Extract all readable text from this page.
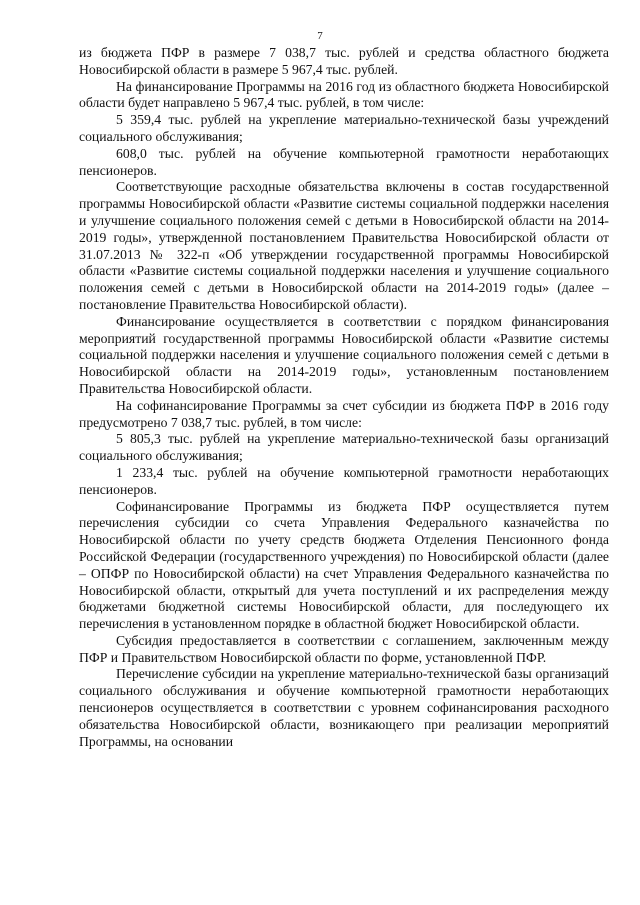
7

из бюджета ПФР в размере 7 038,7 тыс. рублей и средства областного бюджета Новосибирской области в размере 5 967,4 тыс. рублей.

На финансирование Программы на 2016 год из областного бюджета Новосибирской области будет направлено 5 967,4 тыс. рублей, в том числе:

5 359,4 тыс. рублей на укрепление материально-технической базы учреждений социального обслуживания;

608,0 тыс. рублей на обучение компьютерной грамотности неработающих пенсионеров.

Соответствующие расходные обязательства включены в состав государственной программы Новосибирской области «Развитие системы социальной поддержки населения и улучшение социального положения семей с детьми в Новосибирской области на 2014-2019 годы», утвержденной постановлением Правительства Новосибирской области от 31.07.2013 № 322-п «Об утверждении государственной программы Новосибирской области «Развитие системы социальной поддержки населения и улучшение социального положения семей с детьми в Новосибирской области на 2014-2019 годы» (далее – постановление Правительства Новосибирской области).

Финансирование осуществляется в соответствии с порядком финансирования мероприятий государственной программы Новосибирской области «Развитие системы социальной поддержки населения и улучшение социального положения семей с детьми в Новосибирской области на 2014-2019 годы», установленным постановлением Правительства Новосибирской области.

На софинансирование Программы за счет субсидии из бюджета ПФР в 2016 году предусмотрено 7 038,7 тыс. рублей, в том числе:

5 805,3 тыс. рублей на укрепление материально-технической базы организаций социального обслуживания;

1 233,4 тыс. рублей на обучение компьютерной грамотности неработающих пенсионеров.

Софинансирование Программы из бюджета ПФР осуществляется путем перечисления субсидии со счета Управления Федерального казначейства по Новосибирской области по учету средств бюджета Отделения Пенсионного фонда Российской Федерации (государственного учреждения) по Новосибирской области (далее – ОПФР по Новосибирской области) на счет Управления Федерального казначейства по Новосибирской области, открытый для учета поступлений и их распределения между бюджетами бюджетной системы Новосибирской области, для последующего их перечисления в установленном порядке в областной бюджет Новосибирской области.

Субсидия предоставляется в соответствии с соглашением, заключенным между ПФР и Правительством Новосибирской области по форме, установленной ПФР.

Перечисление субсидии на укрепление материально-технической базы организаций социального обслуживания и обучение компьютерной грамотности неработающих пенсионеров осуществляется в соответствии с уровнем софинансирования расходного обязательства Новосибирской области, возникающего при реализации мероприятий Программы, на основании
